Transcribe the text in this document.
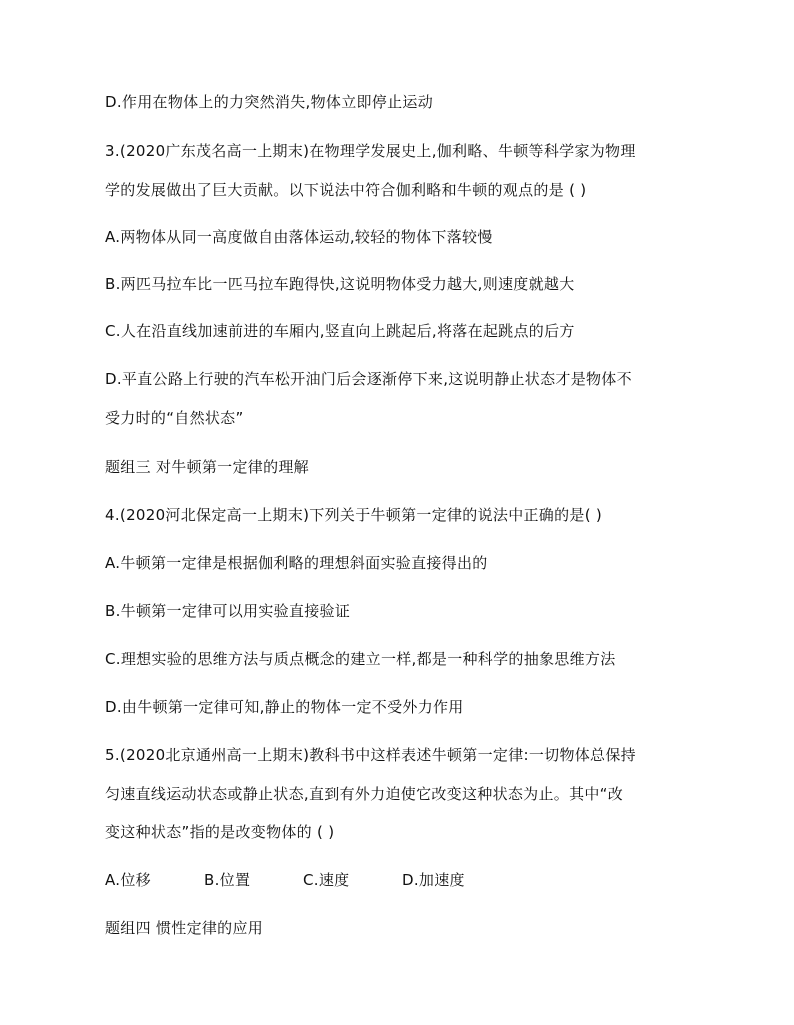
D.作用在物体上的力突然消失,物体立即停止运动
3.(2020广东茂名高一上期末)在物理学发展史上,伽利略、牛顿等科学家为物理
学的发展做出了巨大贡献。以下说法中符合伽利略和牛顿的观点的是 ( )
A.两物体从同一高度做自由落体运动,较轻的物体下落较慢
B.两匹马拉车比一匹马拉车跑得快,这说明物体受力越大,则速度就越大
C.人在沿直线加速前进的车厢内,竖直向上跳起后,将落在起跳点的后方
D.平直公路上行驶的汽车松开油门后会逐渐停下来,这说明静止状态才是物体不
受力时的“自然状态”
题组三 对牛顿第一定律的理解
4.(2020河北保定高一上期末)下列关于牛顿第一定律的说法中正确的是( )
A.牛顿第一定律是根据伽利略的理想斜面实验直接得出的
B.牛顿第一定律可以用实验直接验证
C.理想实验的思维方法与质点概念的建立一样,都是一种科学的抽象思维方法
D.由牛顿第一定律可知,静止的物体一定不受外力作用
5.(2020北京通州高一上期末)教科书中这样表述牛顿第一定律:一切物体总保持
匀速直线运动状态或静止状态,直到有外力迫使它改变这种状态为止。其中“改
变这种状态”指的是改变物体的 ( )
A.位移	B.位置	C.速度	D.加速度
题组四 惯性定律的应用
